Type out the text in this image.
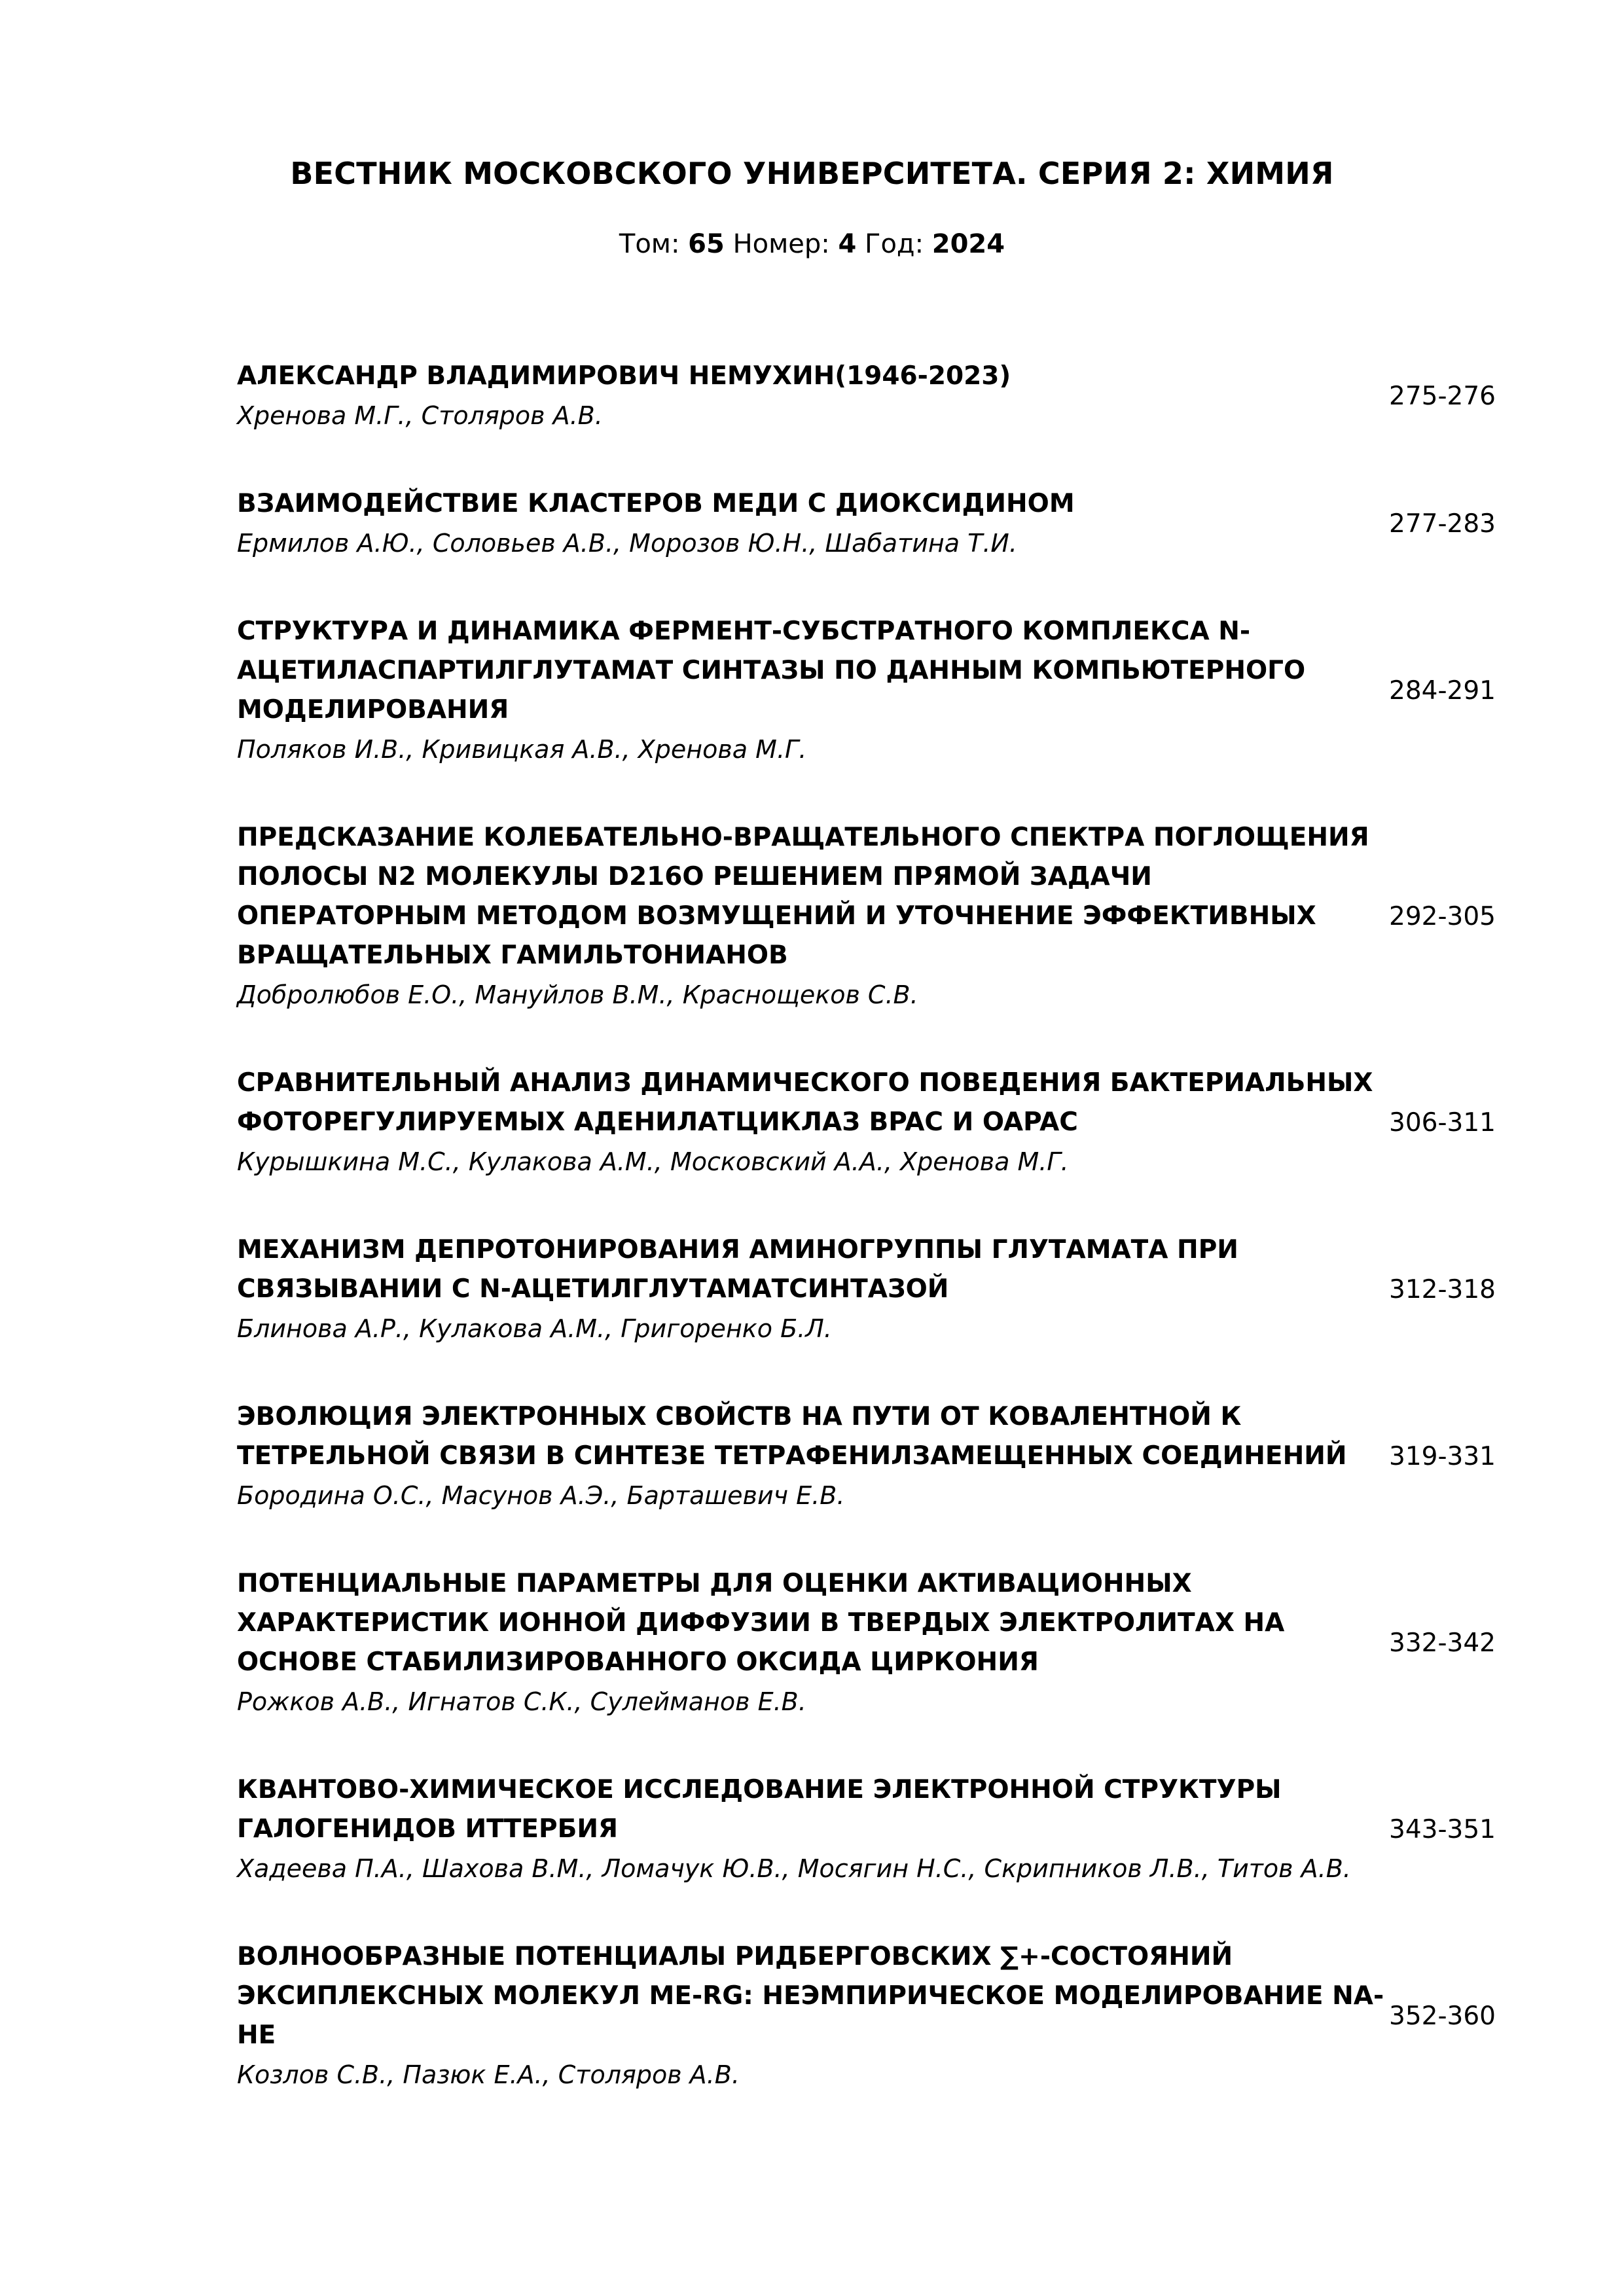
ВЕСТНИК МОСКОВСКОГО УНИВЕРСИТЕТА. СЕРИЯ 2: ХИМИЯ
Том: 65 Номер: 4 Год: 2024
АЛЕКСАНДР ВЛАДИМИРОВИЧ НЕМУХИН(1946-2023)
Хренова М.Г., Столяров А.В.
275-276
ВЗАИМОДЕЙСТВИЕ КЛАСТЕРОВ МЕДИ С ДИОКСИДИНОМ
Ермилов А.Ю., Соловьев А.В., Морозов Ю.Н., Шабатина Т.И.
277-283
СТРУКТУРА И ДИНАМИКА ФЕРМЕНТ-СУБСТРАТНОГО КОМПЛЕКСА N-АЦЕТИЛАСПАРТИЛГЛУТАМАТ СИНТАЗЫ ПО ДАННЫМ КОМПЬЮТЕРНОГО МОДЕЛИРОВАНИЯ
Поляков И.В., Кривицкая А.В., Хренова М.Г.
284-291
ПРЕДСКАЗАНИЕ КОЛЕБАТЕЛЬНО-ВРАЩАТЕЛЬНОГО СПЕКТРА ПОГЛОЩЕНИЯ ПОЛОСЫ Ν2 МОЛЕКУЛЫ D216O РЕШЕНИЕМ ПРЯМОЙ ЗАДАЧИ ОПЕРАТОРНЫМ МЕТОДОМ ВОЗМУЩЕНИЙ И УТОЧНЕНИЕ ЭФФЕКТИВНЫХ ВРАЩАТЕЛЬНЫХ ГАМИЛЬТОНИАНОВ
Добролюбов Е.О., Мануйлов В.М., Краснощеков С.В.
292-305
СРАВНИТЕЛЬНЫЙ АНАЛИЗ ДИНАМИЧЕСКОГО ПОВЕДЕНИЯ БАКТЕРИАЛЬНЫХ ФОТОРЕГУЛИРУЕМЫХ АДЕНИЛАТЦИКЛАЗ BPAC И OAPAC
Курышкина М.С., Кулакова А.М., Московский А.А., Хренова М.Г.
306-311
МЕХАНИЗМ ДЕПРОТОНИРОВАНИЯ АМИНОГРУППЫ ГЛУТАМАТА ПРИ СВЯЗЫВАНИИ С N-АЦЕТИЛГЛУТАМАТСИНТАЗОЙ
Блинова А.Р., Кулакова А.М., Григоренко Б.Л.
312-318
ЭВОЛЮЦИЯ ЭЛЕКТРОННЫХ СВОЙСТВ НА ПУТИ ОТ КОВАЛЕНТНОЙ К ТЕТРЕЛЬНОЙ СВЯЗИ В СИНТЕЗЕ ТЕТРАФЕНИЛЗАМЕЩЕННЫХ СОЕДИНЕНИЙ
Бородина О.С., Масунов А.Э., Барташевич Е.В.
319-331
ПОТЕНЦИАЛЬНЫЕ ПАРАМЕТРЫ ДЛЯ ОЦЕНКИ АКТИВАЦИОННЫХ ХАРАКТЕРИСТИК ИОННОЙ ДИФФУЗИИ В ТВЕРДЫХ ЭЛЕКТРОЛИТАХ НА ОСНОВЕ СТАБИЛИЗИРОВАННОГО ОКСИДА ЦИРКОНИЯ
Рожков А.В., Игнатов С.К., Сулейманов Е.В.
332-342
КВАНТОВО-ХИМИЧЕСКОЕ ИССЛЕДОВАНИЕ ЭЛЕКТРОННОЙ СТРУКТУРЫ ГАЛОГЕНИДОВ ИТТЕРБИЯ
Хадеева П.А., Шахова В.М., Ломачук Ю.В., Мосягин Н.С., Скрипников Л.В., Титов А.В.
343-351
ВОЛНООБРАЗНЫЕ ПОТЕНЦИАЛЫ РИДБЕРГОВСКИХ ∑+-СОСТОЯНИЙ ЭКСИПЛЕКСНЫХ МОЛЕКУЛ ME-RG: НЕЭМПИРИЧЕСКОЕ МОДЕЛИРОВАНИЕ NA-HE
Козлов С.В., Пазюк Е.А., Столяров А.В.
352-360
